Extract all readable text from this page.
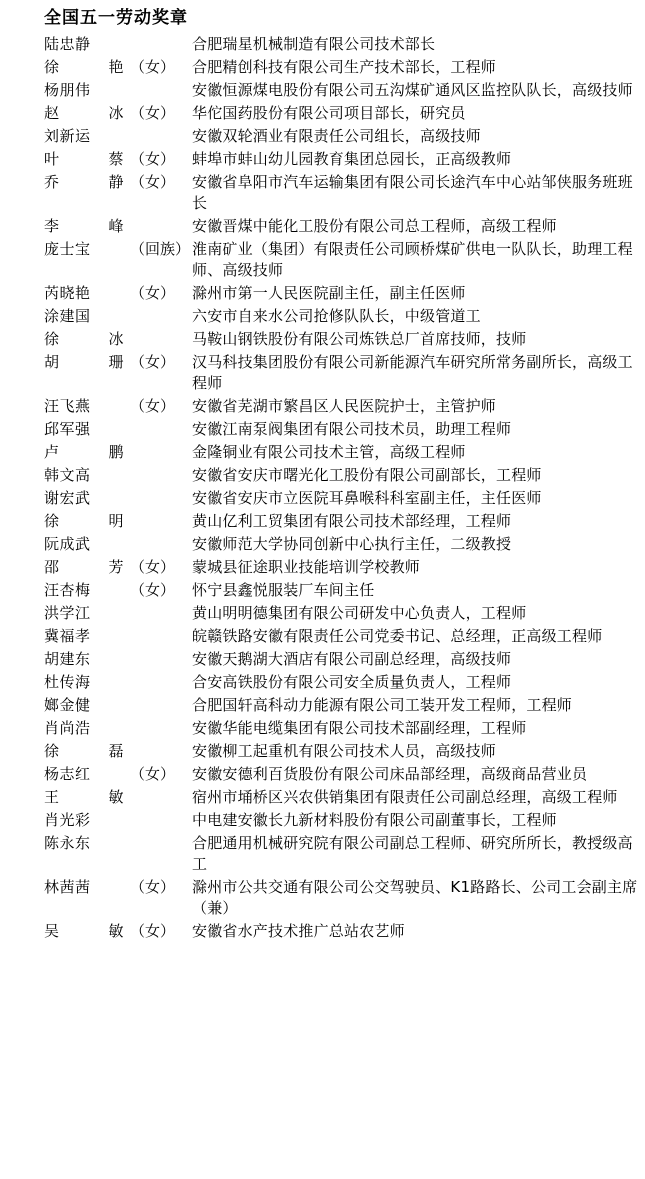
全国五一劳动奖章
陆忠静		合肥瑞星机械制造有限公司技术部长
徐 艳	（女）	合肥精创科技有限公司生产技术部长，工程师
杨朋伟		安徽恒源煤电股份有限公司五沟煤矿通风区监控队队长，高级技师
赵 冰	（女）	华佗国药股份有限公司项目部长，研究员
刘新运		安徽双轮酒业有限责任公司组长，高级技师
叶 蔡	（女）	蚌埠市蚌山幼儿园教育集团总园长，正高级教师
乔 静	（女）	安徽省阜阳市汽车运输集团有限公司长途汽车中心站邹侠服务班班长
李 峰		安徽晋煤中能化工股份有限公司总工程师，高级工程师
庞士宝	（回族）	淮南矿业（集团）有限责任公司顾桥煤矿供电一队队长，助理工程师、高级技师
芮晓艳	（女）	滁州市第一人民医院副主任，副主任医师
涂建国		六安市自来水公司抢修队队长，中级管道工
徐 冰		马鞍山钢铁股份有限公司炼铁总厂首席技师，技师
胡 珊	（女）	汉马科技集团股份有限公司新能源汽车研究所常务副所长，高级工程师
汪飞燕	（女）	安徽省芜湖市繁昌区人民医院护士，主管护师
邱军强		安徽江南泵阀集团有限公司技术员，助理工程师
卢 鹏		金隆铜业有限公司技术主管，高级工程师
韩文高		安徽省安庆市曙光化工股份有限公司副部长，工程师
谢宏武		安徽省安庆市立医院耳鼻喉科科室副主任，主任医师
徐 明		黄山亿利工贸集团有限公司技术部经理，工程师
阮成武		安徽师范大学协同创新中心执行主任，二级教授
邵 芳	（女）	蒙城县征途职业技能培训学校教师
汪杏梅	（女）	怀宁县鑫悦服装厂车间主任
洪学江		黄山明明德集团有限公司研发中心负责人，工程师
冀福孝		皖赣铁路安徽有限责任公司党委书记、总经理，正高级工程师
胡建东		安徽天鹅湖大酒店有限公司副总经理，高级技师
杜传海		合安高铁股份有限公司安全质量负责人，工程师
嫏金健		合肥国轩高科动力能源有限公司工装开发工程师，工程师
肖尚浩		安徽华能电缆集团有限公司技术部副经理，工程师
徐 磊		安徽柳工起重机有限公司技术人员，高级技师
杨志红	（女）	安徽安德利百货股份有限公司床品部经理，高级商品营业员
王 敏		宿州市埇桥区兴农供销集团有限责任公司副总经理，高级工程师
肖光彩		中电建安徽长九新材料股份有限公司副董事长，工程师
陈永东		合肥通用机械研究院有限公司副总工程师、研究所所长，教授级高工
林茜茜	（女）	滁州市公共交通有限公司公交驾驶员、K1路路长、公司工会副主席（兼）
吴 敏	（女）	安徽省水产技术推广总站农艺师
